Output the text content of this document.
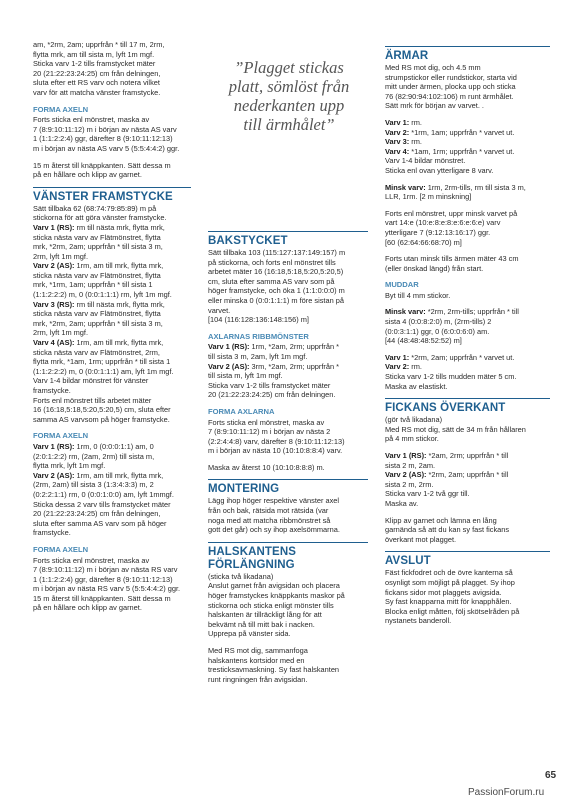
am, *2rm, 2am; upprfrån * till 17 m, 2rm,
flytta mrk, am till sista m, lyft 1m mgf.
Sticka varv 1-2 tills framstycket mäter
20 (21:22:23:24:25) cm från delningen,
sluta efter ett RS varv och notera vilket
varv för att matcha vänster framstycke.

FORMA AXELN

Forts sticka enl mönstret, maska av
7 (8:9:10:11:12) m i början av nästa AS varv
1 (1:1:2:2:4) ggr, därefter 8 (9:10:11:12:13)
m i början av nästa AS varv 5 (5:5:4:4:2) ggr.

15 m återst till knäppkanten. Sätt dessa m
på en hållare och klipp av garnet.

VÄNSTER FRAMSTYCKE

Sätt tillbaka 62 (68:74:79:85:89) m på
stickorna för att göra vänster framstycke.
Varv 1 (RS): rm till nästa mrk, flytta mrk,
sticka nästa varv av Flätmönstret, flytta
mrk, *2rm, 2am; upprfrån * till sista 3 m,
2rm, lyft 1m mgf.
Varv 2 (AS): 1rm, am till mrk, flytta mrk,
sticka nästa varv av Flätmönstret, flytta
mrk, *1rm, 1am; upprfrån * till sista 1
(1:1:2:2:2) m, 0 (0:0:1:1:1) rm, lyft 1m mgf.
Varv 3 (RS): rm till nästa mrk, flytta mrk,
sticka nästa varv av Flätmönstret, flytta
mrk, *2rm, 2am; upprfrån * till sista 3 m,
2rm, lyft 1m mgf.
Varv 4 (AS): 1rm, am till mrk, flytta mrk,
sticka nästa varv av Flätmönstret, 2rm,
flytta mrk, *1am, 1rm; upprfrån * till sista 1
(1:1:2:2:2) m, 0 (0:0:1:1:1) am, lyft 1m mgf.
Varv 1-4 bildar mönstret för vänster
framstycke.
Forts enl mönstret tills arbetet mäter
16 (16:18,5:18,5:20,5:20,5) cm, sluta efter
samma AS varvsom på höger framstycke.

FORMA AXELN

Varv 1 (RS): 1rm, 0 (0:0:0:1:1) am, 0
(2:0:1:2:2) rm, (2am, 2rm) till sista m,
flytta mrk, lyft 1m mgf.
Varv 2 (AS): 1rm, am till mrk, flytta mrk,
(2rm, 2am) till sista 3 (1:3:4:3:3) m, 2
(0:2:2:1:1) rm, 0 (0:0:1:0:0) am, lyft 1mmgf.
Sticka dessa 2 varv tills framstycket mäter
20 (21:22:23:24:25) cm från delningen,
sluta efter samma AS varv som på höger
framstycke.

FORMA AXELN

Forts sticka enl mönstret, maska av
7 (8:9:10:11:12) m i början av nästa RS varv
1 (1:1:2:2:4) ggr, därefter 8 (9:10:11:12:13)
m i början av nästa RS varv 5 (5:5:4:4:2) ggr.
15 m återst till knäppkanten. Sätt dessa m
på en hållare och klipp av garnet.

”Plagget stickas
platt, sömlöst från
nederkanten upp
till ärmhålet”
BAKSTYCKET

Sätt tillbaka 103 (115:127:137:149:157) m
på stickorna, och forts enl mönstret tills
arbetet mäter 16 (16:18,5:18,5:20,5:20,5)
cm, sluta efter samma AS varv som på
höger framstycke, och öka 1 (1:1:0:0:0) m
eller minska 0 (0:0:1:1:1) m före sistan på
varvet.
[104 (116:128:136:148:156) m]

AXLARNAS RIBBMÖNSTER

Varv 1 (RS): 1rm, *2am, 2rm; upprfrån *
till sista 3 m, 2am, lyft 1m mgf.
Varv 2 (AS): 3rm, *2am, 2rm; upprfrån *
till sista m, lyft 1m mgf.
Sticka varv 1-2 tills framstycket mäter
20 (21:22:23:24:25) cm från delningen.

FORMA AXLARNA

Forts sticka enl mönstret, maska av
7 (8:9:10:11:12) m i början av nästa 2
(2:2:4:4:8) varv, därefter 8 (9:10:11:12:13)
m i början av nästa 10 (10:10:8:8:4) varv.

Maska av återst 10 (10:10:8:8:8) m.

MONTERING

Lägg ihop höger respektive vänster axel
från och bak, rätsida mot rätsida (var
noga med att matcha ribbmönstret så
gott det går) och sy ihop axelsömmarna.

HALSKANTENS
FÖRLÄNGNING

(sticka två likadana)
Anslut garnet från avigsidan och placera
höger framstyckes knäppkants maskor på
stickorna och sticka enligt mönster tills
halskanten är tillräckligt lång för att
bekvämt nå till mitt bak i nacken.
Upprepa på vänster sida.

Med RS mot dig, sammanfoga
halskantens kortsidor med en
tresticksavmaskning. Sy fast halskanten
runt ringningen från avigsidan.

ÄRMAR

Med RS mot dig, och 4.5 mm
strumpstickor eller rundstickor, starta vid
mitt under ärmen, plocka upp och sticka
76 (82:90:94:102:106) m runt ärmhålet.
Sätt mrk för början av varvet. .

Varv 1: rm.
Varv 2: *1rm, 1am; upprfrån * varvet ut.
Varv 3: rm.
Varv 4: *1am, 1rm; upprfrån * varvet ut.
Varv 1-4 bildar mönstret.
Sticka enl ovan ytterligare 8 varv.

Minsk varv: 1rm, 2rm-tills, rm till sista 3 m,
LLR, 1rm. [2 m minskning]

Forts enl mönstret, uppr minsk varvet på
vart 14:e (10:e:8:e:8:e:6:e:6:e) varv
ytterligare 7 (9:12:13:16:17) ggr.
[60 (62:64:66:68:70) m]

Forts utan minsk tills ärmen mäter 43 cm
(eller önskad längd) från start.

MUDDAR

Byt till 4 mm stickor.

Minsk varv: *2rm, 2rm-tills; upprfrån * till
sista 4 (0:0:8:2:0) m, (2rm-tills) 2
(0:0:3:1:1) ggr, 0 (6:0:0:6:0) am.
[44 (48:48:48:52:52) m]

Varv 1: *2rm, 2am; upprfrån * varvet ut.
Varv 2: rm.
Sticka varv 1-2 tills mudden mäter 5 cm.
Maska av elastiskt.

FICKANS ÖVERKANT

(gör två likadana)
Med RS mot dig, sätt de 34 m från hållaren
på 4 mm stickor.

Varv 1 (RS): *2am, 2rm; upprfrån * till
sista 2 m, 2am.
Varv 2 (AS): *2rm, 2am; upprfrån * till
sista 2 m, 2rm.
Sticka varv 1-2 två ggr till.
Maska av.

Klipp av garnet och lämna en lång
garnända så att du kan sy fast fickans
överkant mot plagget.

AVSLUT

Fäst fickfodret och de övre kanterna så
osynligt som möjligt på plagget. Sy ihop
fickans sidor mot plaggets avigsida.
Sy fast knapparna mitt för knapphålen.
Blocka enligt måtten, följ skötselråden på
nystanets banderoll.

65
PassionForum.ru
